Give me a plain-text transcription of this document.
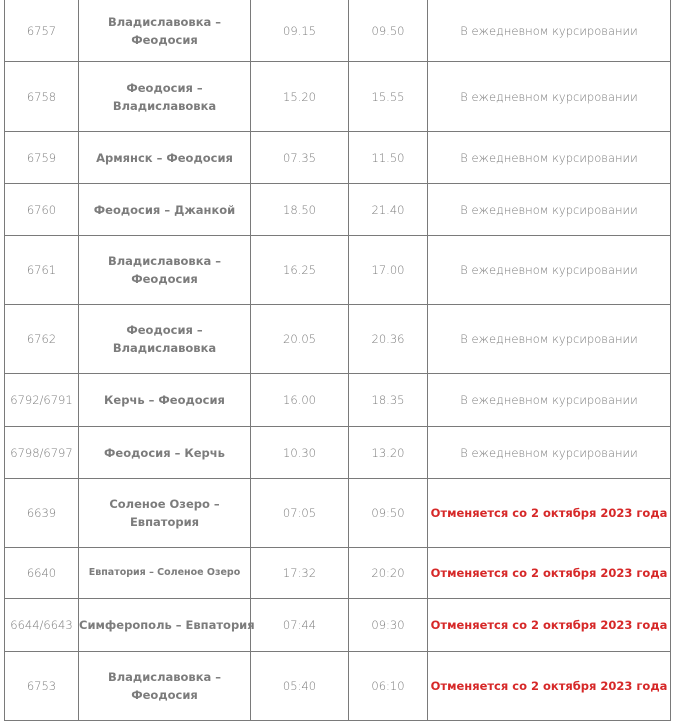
6757	Владиславовка – Феодосия	09.15	09.50	В ежедневном курсировании
6758	Феодосия – Владиславовка	15.20	15.55	В ежедневном курсировании
6759	Армянск – Феодосия	07.35	11.50	В ежедневном курсировании
6760	Феодосия – Джанкой	18.50	21.40	В ежедневном курсировании
6761	Владиславовка – Феодосия	16.25	17.00	В ежедневном курсировании
6762	Феодосия – Владиславовка	20.05	20.36	В ежедневном курсировании
6792/6791	Керчь – Феодосия	16.00	18.35	В ежедневном курсировании
6798/6797	Феодосия – Керчь	10.30	13.20	В ежедневном курсировании
6639	Соленое Озеро – Евпатория	07:05	09:50	Отменяется со 2 октября 2023 года
6640	Евпатория – Соленое Озеро	17:32	20:20	Отменяется со 2 октября 2023 года
6644/6643	Симферополь – Евпатория	07:44	09:30	Отменяется со 2 октября 2023 года
6753	Владиславовка – Феодосия	05:40	06:10	Отменяется со 2 октября 2023 года
